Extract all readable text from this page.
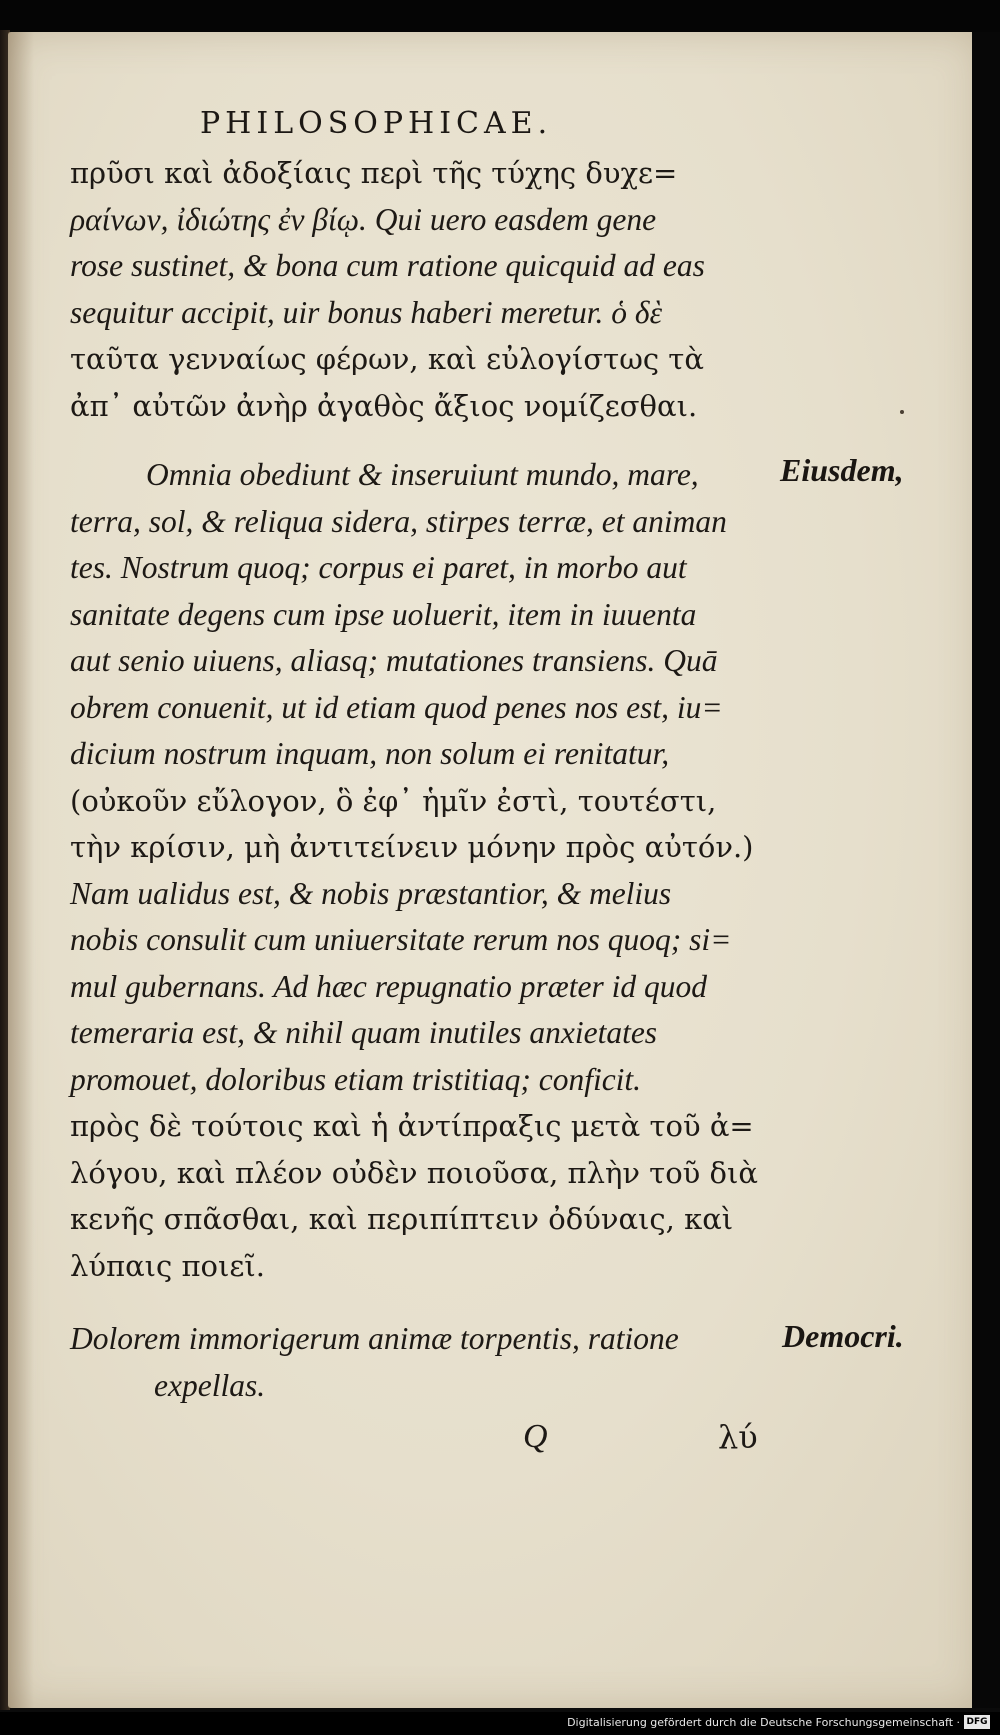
PHILOSOPHICAE.
πρῦσι καὶ ἀδοξίαις περὶ τῆς τύχης δυχε=
ραίνων, ἰδιώτης ἐν βίῳ. Qui uero easdem gene
rose sustinet, & bona cum ratione quicquid ad eas
sequitur accipit, uir bonus haberi meretur. ὁ δὲ
ταῦτα γενναίως φέρων, καὶ εὐλογίστως τὰ
ἀπ᾽ αὐτῶν ἀνὴρ ἀγαθὸς ἄξιος νομίζεσθαι.
Omnia obediunt & inseruiunt mundo, mare,
terra, sol, & reliqua sidera, stirpes terræ, et animan
tes. Nostrum quoq; corpus ei paret, in morbo aut
sanitate degens cum ipse uoluerit, item in iuuenta
aut senio uiuens, aliasq; mutationes transiens. Quā
obrem conuenit, ut id etiam quod penes nos est, iu=
dicium nostrum inquam, non solum ei renitatur,
(οὐκοῦν εὔλογον, ὃ ἐφ᾽ ἡμῖν ἐστὶ, τουτέστι,
τὴν κρίσιν, μὴ ἀντιτείνειν μόνην πρὸς αὐτόν.)
Nam ualidus est, & nobis præstantior, & melius
nobis consulit cum uniuersitate rerum nos quoq; si=
mul gubernans. Ad hæc repugnatio præter id quod
temeraria est, & nihil quam inutiles anxietates
promouet, doloribus etiam tristitiaq; conficit.
πρὸς δὲ τούτοις καὶ ἡ ἀντίπραξις μετὰ τοῦ ἀ=
λόγου, καὶ πλέον οὐδὲν ποιοῦσα, πλὴν τοῦ διὰ
κενῆς σπᾶσθαι, καὶ περιπίπτειν ὀδύναις, καὶ
λύπαις ποιεῖ.
Eiusdem,
Dolorem immorigerum animæ torpentis, ratione
expellas.
Democri.
Q	λύ
Digitalisierung gefördert durch die Deutsche Forschungsgemeinschaft · DFG
